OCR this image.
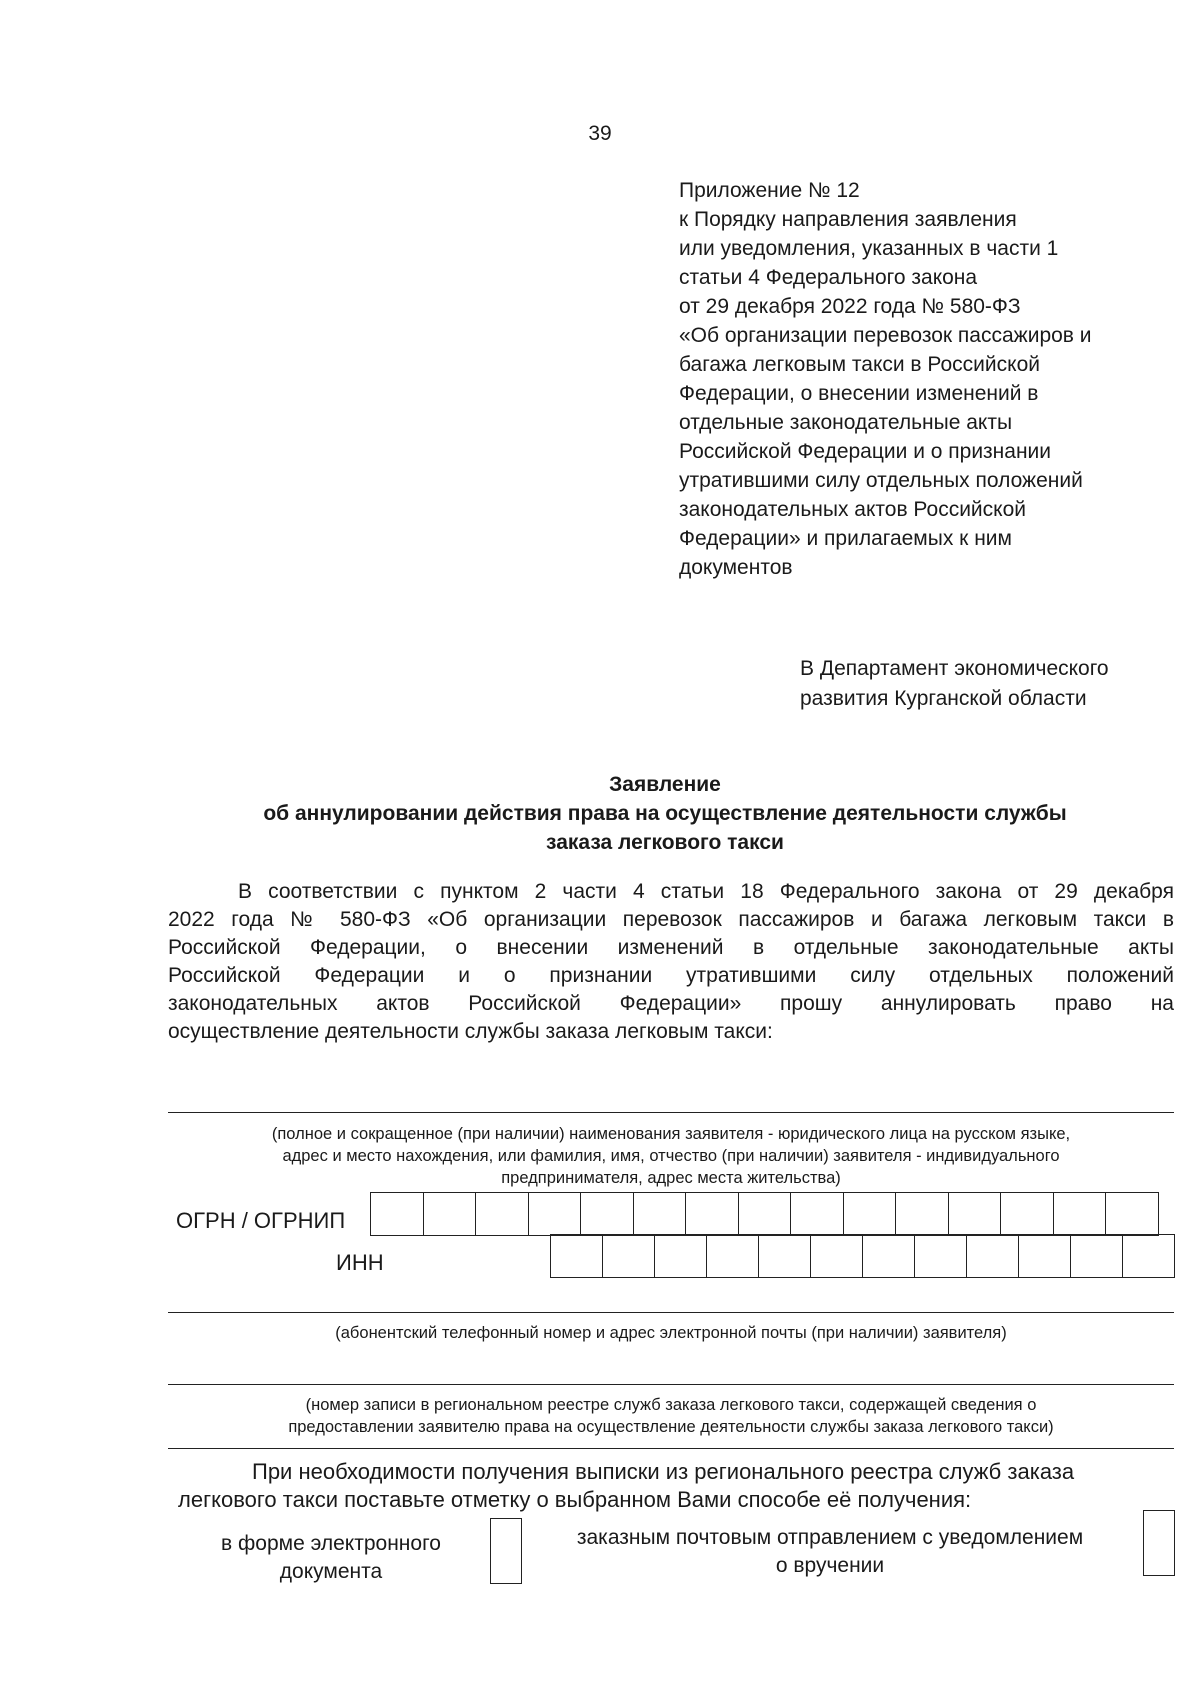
39
Приложение № 12
к Порядку направления заявления
или уведомления, указанных в части 1
статьи 4 Федерального закона
от 29 декабря 2022 года № 580-ФЗ
«Об организации перевозок пассажиров и
багажа легковым такси в Российской
Федерации, о внесении изменений в
отдельные законодательные акты
Российской Федерации и о признании
утратившими силу отдельных положений
законодательных актов Российской
Федерации» и прилагаемых к ним
документов
В Департамент экономического
развития Курганской области
Заявление
об аннулировании действия права на осуществление деятельности службы
заказа легкового такси
В соответствии с пунктом 2 части 4 статьи 18 Федерального закона от 29 декабря
2022 года № 580-ФЗ «Об организации перевозок пассажиров и багажа легковым такси в
Российской Федерации, о внесении изменений в отдельные законодательные акты
Российской Федерации и о признании утратившими силу отдельных положений
законодательных актов Российской Федерации» прошу аннулировать право на
осуществление деятельности службы заказа легковым такси:
(полное и сокращенное (при наличии) наименования заявителя - юридического лица на русском языке,
адрес и место нахождения, или фамилия, имя, отчество (при наличии) заявителя - индивидуального
предпринимателя, адрес места жительства)
ОГРН / ОГРНИП
ИНН
(абонентский телефонный номер и адрес электронной почты (при наличии) заявителя)
(номер записи в региональном реестре служб заказа легкового такси, содержащей сведения о
предоставлении заявителю права на осуществление деятельности службы заказа легкового такси)
При необходимости получения выписки из регионального реестра служб заказа
легкового такси поставьте отметку о выбранном Вами способе её получения:
в форме электронного
документа
заказным почтовым отправлением с уведомлением
о вручении
